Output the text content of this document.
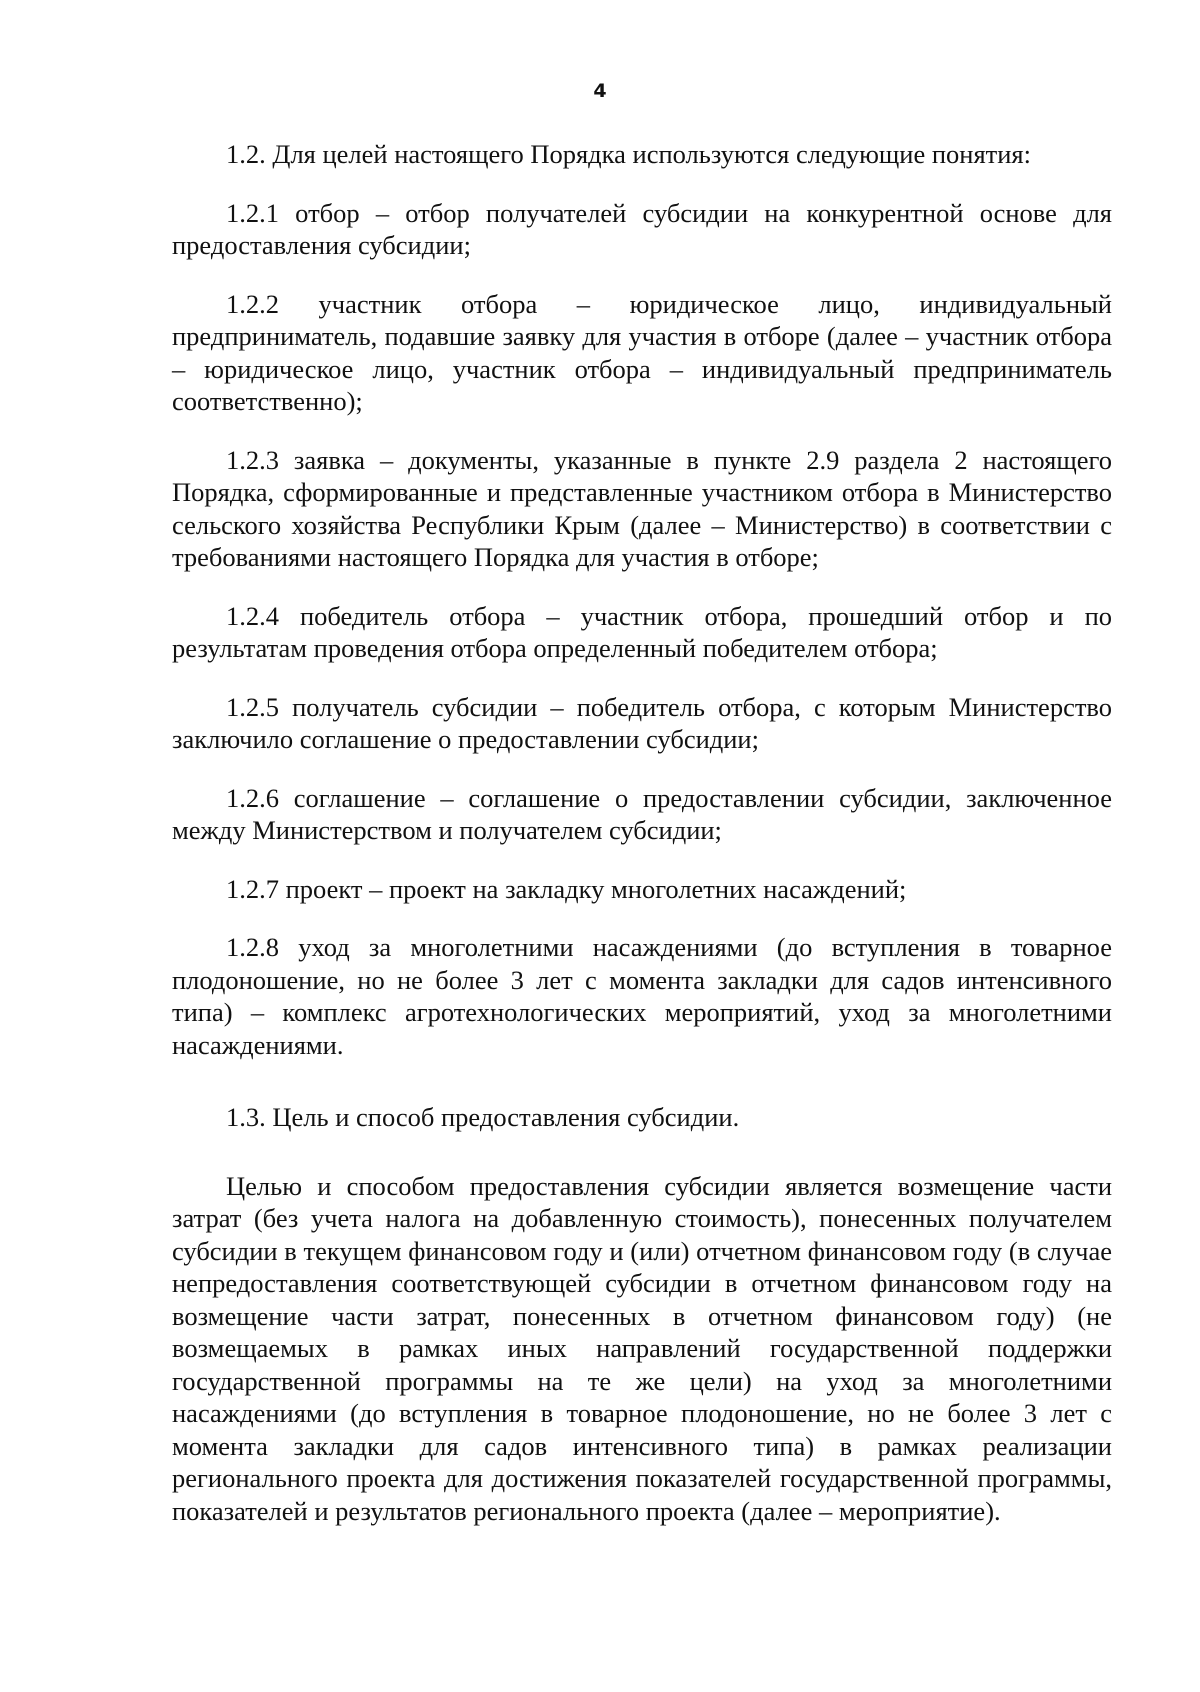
4

1.2. Для целей настоящего Порядка используются следующие понятия:

1.2.1 отбор – отбор получателей субсидии на конкурентной основе для предоставления субсидии;

1.2.2 участник отбора – юридическое лицо, индивидуальный предприниматель, подавшие заявку для участия в отборе (далее – участник отбора – юридическое лицо, участник отбора – индивидуальный предприниматель соответственно);

1.2.3 заявка – документы, указанные в пункте 2.9 раздела 2 настоящего Порядка, сформированные и представленные участником отбора в Министерство сельского хозяйства Республики Крым (далее – Министерство) в соответствии с требованиями настоящего Порядка для участия в отборе;

1.2.4 победитель отбора – участник отбора, прошедший отбор и по результатам проведения отбора определенный победителем отбора;

1.2.5 получатель субсидии – победитель отбора, с которым Министерство заключило соглашение о предоставлении субсидии;

1.2.6 соглашение – соглашение о предоставлении субсидии, заключенное между Министерством и получателем субсидии;

1.2.7 проект – проект на закладку многолетних насаждений;

1.2.8 уход за многолетними насаждениями (до вступления в товарное плодоношение, но не более 3 лет с момента закладки для садов интенсивного типа) – комплекс агротехнологических мероприятий, уход за многолетними насаждениями.

1.3. Цель и способ предоставления субсидии.

Целью и способом предоставления субсидии является возмещение части затрат (без учета налога на добавленную стоимость), понесенных получателем субсидии в текущем финансовом году и (или) отчетном финансовом году (в случае непредоставления соответствующей субсидии в отчетном финансовом году на возмещение части затрат, понесенных в отчетном финансовом году) (не возмещаемых в рамках иных направлений государственной поддержки государственной программы на те же цели) на уход за многолетними насаждениями (до вступления в товарное плодоношение, но не более 3 лет с момента закладки для садов интенсивного типа) в рамках реализации регионального проекта для достижения показателей государственной программы, показателей и результатов регионального проекта (далее – мероприятие).
